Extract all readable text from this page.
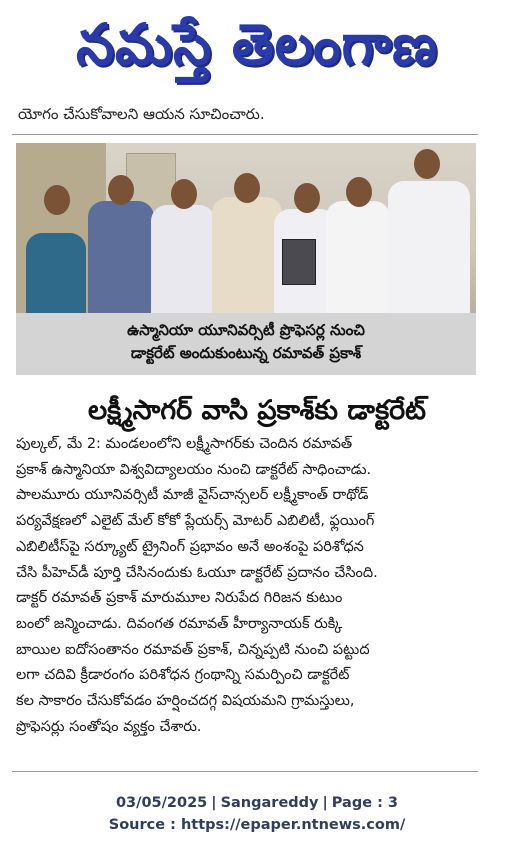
నమస్తే తెలంగాణ
యోగం చేసుకోవాలని ఆయన సూచించారు.
ఉస్మానియా యూనివర్సిటీ ప్రొఫెసర్ల నుంచి
డాక్టరేట్ అందుకుంటున్న రమావత్ ప్రకాశ్
లక్ష్మీసాగర్ వాసి ప్రకాశ్‌కు డాక్టరేట్
పుల్కల్, మే 2: మండలంలోని లక్ష్మీసాగర్‌కు చెందిన రమావత్
ప్రకాశ్ ఉస్మానియా విశ్వవిద్యాలయం నుంచి డాక్టరేట్ సాధించాడు.
పాలమూరు యూనివర్సిటీ మాజీ వైస్‌చాన్సలర్ లక్ష్మీకాంత్ రాథోడ్
పర్యవేక్షణలో ఎలైట్ మేల్ కోకో ప్లేయర్స్ మోటర్ ఎబిలిటీ, ఫ్లయింగ్
ఎబిలిటీస్‌పై సర్క్యూట్ ట్రైనింగ్ ప్రభావం అనే అంశంపై పరిశోధన
చేసి పీహెచ్‌డీ పూర్తి చేసినందుకు ఓయూ డాక్టరేట్ ప్రదానం చేసింది.
డాక్టర్ రమావత్ ప్రకాశ్ మారుమూల నిరుపేద గిరిజన కుటుం
బంలో జన్మించాడు. దివంగత రమావత్ హీర్యానాయక్ రుక్కి
బాయిల ఐదోసంతానం రమావత్ ప్రకాశ్, చిన్నప్పటి నుంచి పట్టుద
లగా చదివి క్రీడారంగం పరిశోధన గ్రంథాన్ని సమర్పించి డాక్టరేట్
కల సాకారం చేసుకోవడం హర్షించదగ్గ విషయమని గ్రామస్తులు,
ప్రొఫెసర్లు సంతోషం వ్యక్తం చేశారు.
03/05/2025 | Sangareddy | Page : 3
Source : https://epaper.ntnews.com/
